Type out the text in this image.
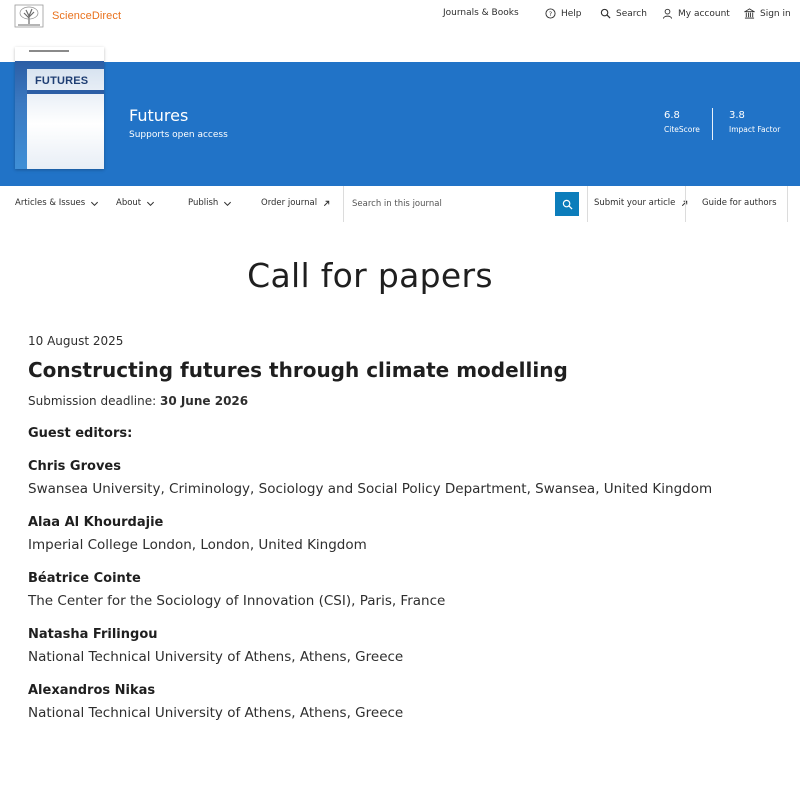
ScienceDirect	Journals & Books	? Help	Search	My account	Sign in
FUTURES
Futures
Supports open access
6.8
CiteScore
3.8
Impact Factor
Articles & Issues	About	Publish	Order journal
Search in this journal	Submit your article	Guide for authors
Call for papers
10 August 2025
Constructing futures through climate modelling
Submission deadline: 30 June 2026
Guest editors:
Chris Groves
Swansea University, Criminology, Sociology and Social Policy Department, Swansea, United Kingdom
Alaa Al Khourdajie
Imperial College London, London, United Kingdom
Béatrice Cointe
The Center for the Sociology of Innovation (CSI), Paris, France
Natasha Frilingou
National Technical University of Athens, Athens, Greece
Alexandros Nikas
National Technical University of Athens, Athens, Greece
